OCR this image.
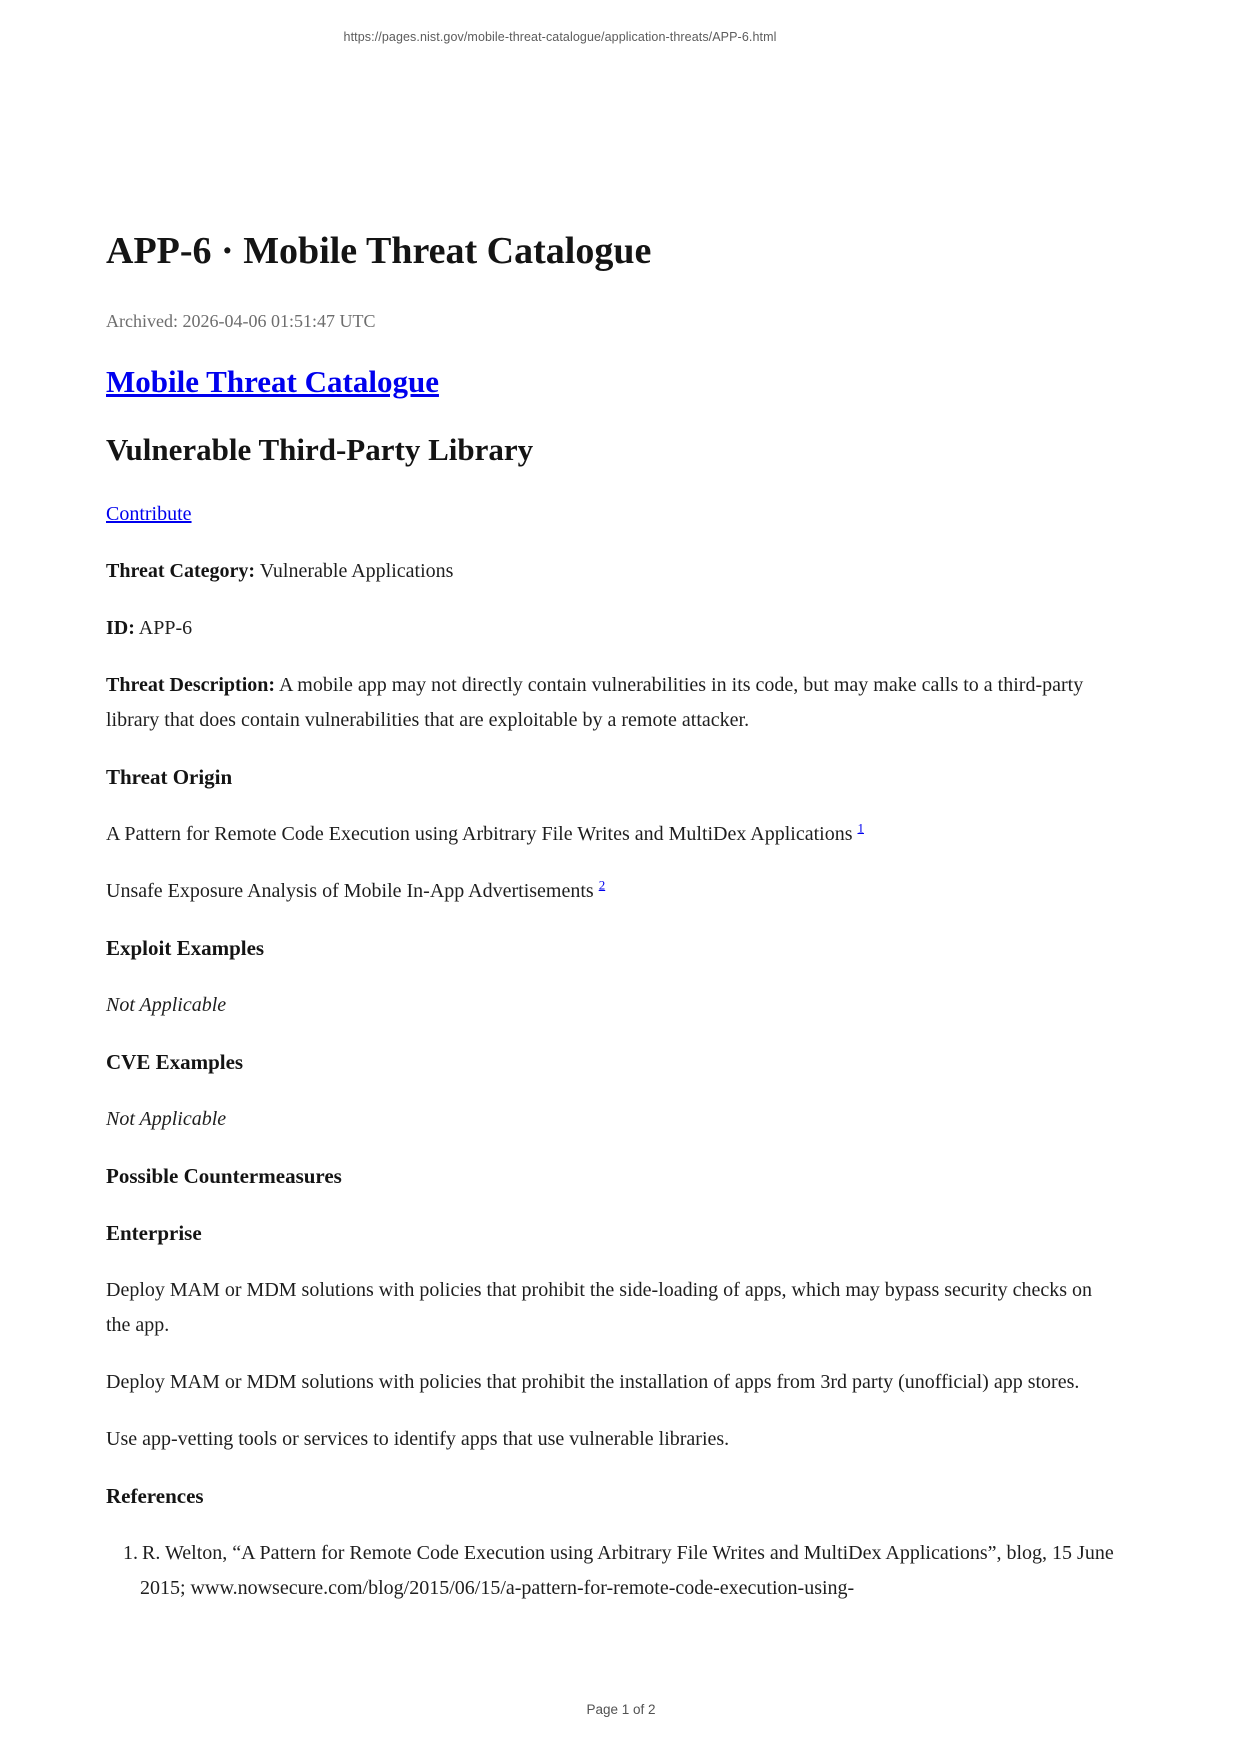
https://pages.nist.gov/mobile-threat-catalogue/application-threats/APP-6.html
APP-6 · Mobile Threat Catalogue

Archived: 2026-04-06 01:51:47 UTC

Mobile Threat Catalogue
Vulnerable Third-Party Library

Contribute

Threat Category: Vulnerable Applications

ID: APP-6

Threat Description: A mobile app may not directly contain vulnerabilities in its code, but may make calls to a third-party library that does contain vulnerabilities that are exploitable by a remote attacker.

Threat Origin

A Pattern for Remote Code Execution using Arbitrary File Writes and MultiDex Applications $^1$

Unsafe Exposure Analysis of Mobile In-App Advertisements $^2$

Exploit Examples

Not Applicable

CVE Examples

Not Applicable

Possible Countermeasures
Enterprise

Deploy MAM or MDM solutions with policies that prohibit the side-loading of apps, which may bypass security checks on the app.

Deploy MAM or MDM solutions with policies that prohibit the installation of apps from 3rd party (unofficial) app stores.

Use app-vetting tools or services to identify apps that use vulnerable libraries.

References

1. R. Welton, “A Pattern for Remote Code Execution using Arbitrary File Writes and MultiDex Applications”, blog, 15 June 2015; www.nowsecure.com/blog/2015/06/15/a-pattern-for-remote-code-execution-using-

Page 1 of 2
